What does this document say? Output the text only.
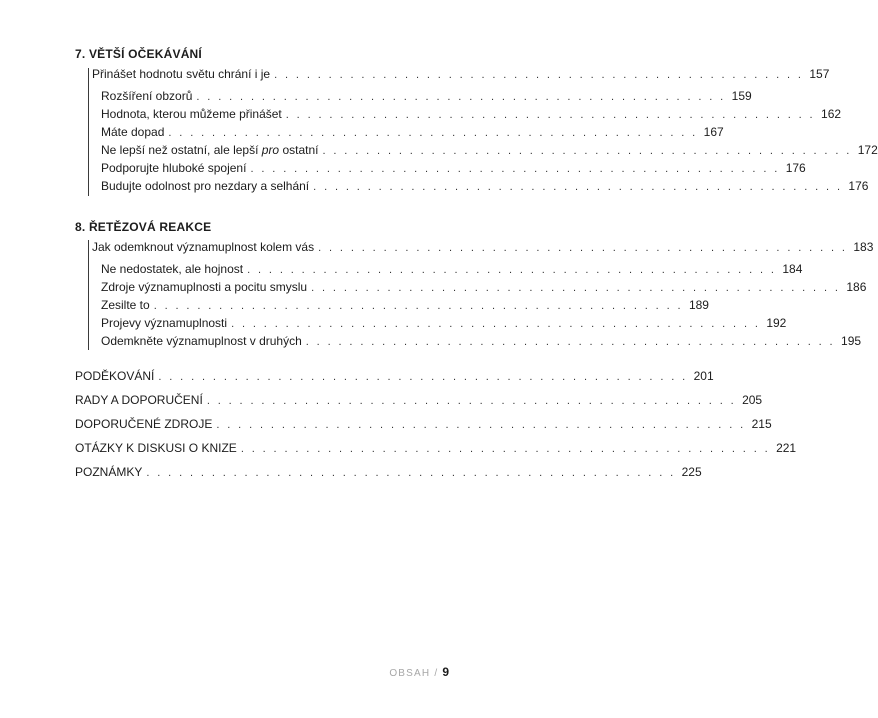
7. VĚTŠÍ OČEKÁVÁNÍ
Přinášet hodnotu světu chrání i je . . . . . . . . . . . . . . . . . . . . . . . . . . . . . . . . . . . . . . . . . . . . . . . . . 157
Rozšíření obzorů . . . . . . . . . . . . . . . . . . . . . . . . . . . . . . . . . . . . . . . . . . . . . . . . . 159
Hodnota, kterou můžeme přinášet . . . . . . . . . . . . . . . . . . . . . . . . . . . . . . . . . . . . . . . . . . . . . . . . . 162
Máte dopad . . . . . . . . . . . . . . . . . . . . . . . . . . . . . . . . . . . . . . . . . . . . . . . . . 167
Ne lepší než ostatní, ale lepší pro ostatní . . . . . . . . . . . . . . . . . . . . . . . . . . . . . . . . . . . . . . . . . . . . . . . . . 172
Podporujte hluboké spojení . . . . . . . . . . . . . . . . . . . . . . . . . . . . . . . . . . . . . . . . . . . . . . . . . 176
Budujte odolnost pro nezdary a selhání . . . . . . . . . . . . . . . . . . . . . . . . . . . . . . . . . . . . . . . . . . . . . . . . . 176
8. ŘETĚZOVÁ REAKCE
Jak odemknout významuplnost kolem vás . . . . . . . . . . . . . . . . . . . . . . . . . . . . . . . . . . . . . . . . . . . . . . . . . 183
Ne nedostatek, ale hojnost . . . . . . . . . . . . . . . . . . . . . . . . . . . . . . . . . . . . . . . . . . . . . . . . . 184
Zdroje významuplnosti a pocitu smyslu . . . . . . . . . . . . . . . . . . . . . . . . . . . . . . . . . . . . . . . . . . . . . . . . . 186
Zesilte to . . . . . . . . . . . . . . . . . . . . . . . . . . . . . . . . . . . . . . . . . . . . . . . . . 189
Projevy významuplnosti . . . . . . . . . . . . . . . . . . . . . . . . . . . . . . . . . . . . . . . . . . . . . . . . . 192
Odemkněte významuplnost v druhých . . . . . . . . . . . . . . . . . . . . . . . . . . . . . . . . . . . . . . . . . . . . . . . . . 195
PODĚKOVÁNÍ . . . . . . . . . . . . . . . . . . . . . . . . . . . . . . . . . . . . . . . . . . . . . . . . . 201
RADY A DOPORUČENÍ . . . . . . . . . . . . . . . . . . . . . . . . . . . . . . . . . . . . . . . . . . . . . . . . . 205
DOPORUČENÉ ZDROJE . . . . . . . . . . . . . . . . . . . . . . . . . . . . . . . . . . . . . . . . . . . . . . . . . 215
OTÁZKY K DISKUSI O KNIZE . . . . . . . . . . . . . . . . . . . . . . . . . . . . . . . . . . . . . . . . . . . . . . . . . 221
POZNÁMKY . . . . . . . . . . . . . . . . . . . . . . . . . . . . . . . . . . . . . . . . . . . . . . . . . 225
OBSAH / 9
